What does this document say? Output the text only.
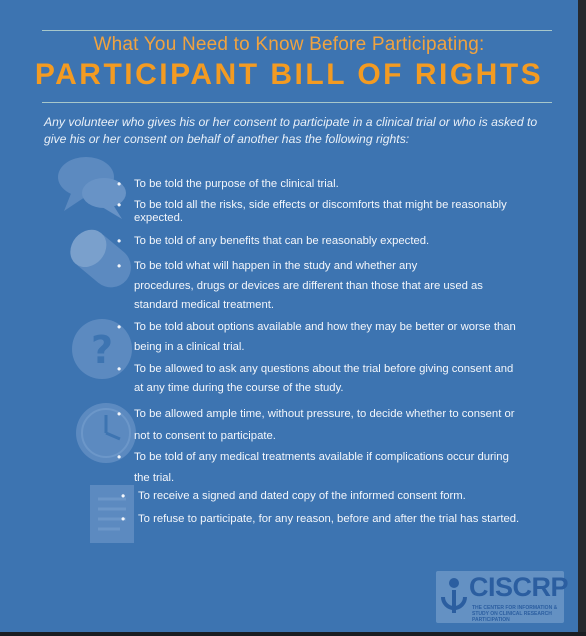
What You Need to Know Before Participating:
PARTICIPANT BILL OF RIGHTS
Any volunteer who gives his or her consent to participate in a clinical trial or who is asked to give his or her consent on behalf of another has the following rights:
?
• To be told the purpose of the clinical trial.
• To be told all the risks, side effects or discomforts that might be reasonably
expected.
• To be told of any benefits that can be reasonably expected.
• To be told what will happen in the study and whether any
procedures, drugs or devices are different than those that are used as
standard medical treatment.
• To be told about options available and how they may be better or worse than
being in a clinical trial.
• To be allowed to ask any questions about the trial before giving consent and
at any time during the course of the study.
• To be allowed ample time, without pressure, to decide whether to consent or
not to consent to participate.
• To be told of any medical treatments available if complications occur during
the trial.
• To receive a signed and dated copy of the informed consent form.
• To refuse to participate, for any reason, before and after the trial has started.
CISCRP
THE CENTER FOR INFORMATION & STUDY ON CLINICAL RESEARCH PARTICIPATION
